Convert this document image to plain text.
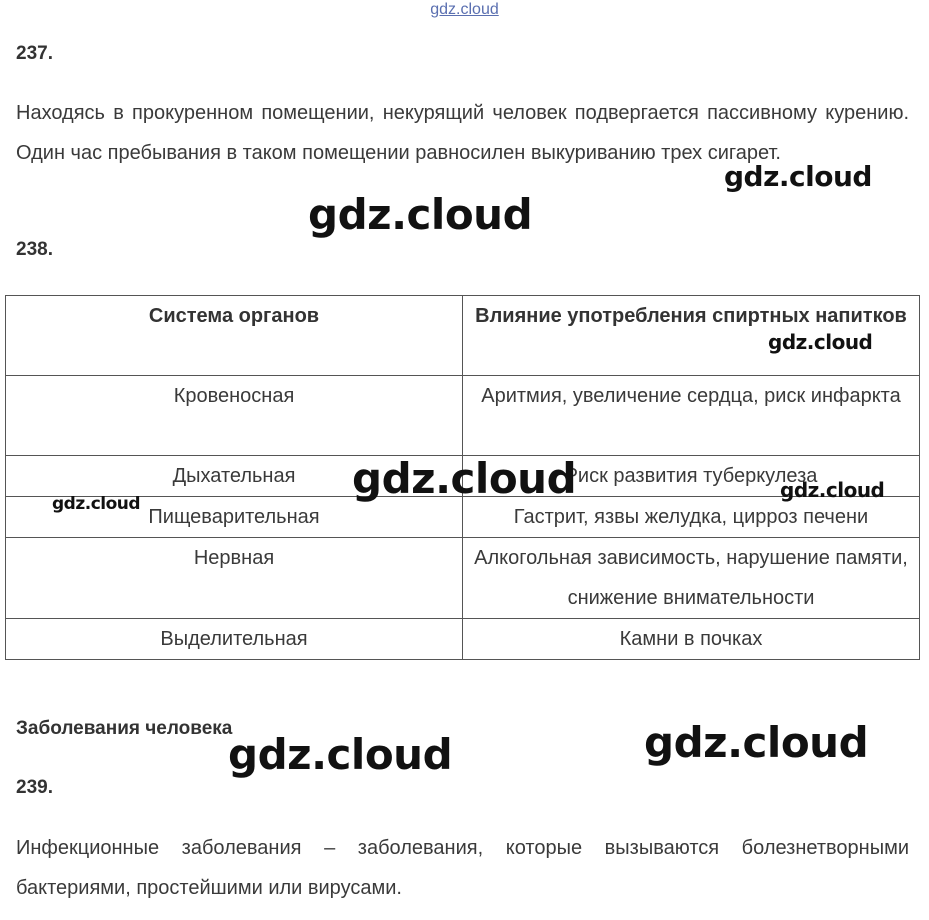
gdz.cloud
237.
Находясь в прокуренном помещении, некурящий человек подвергается пассивному курению. Один час пребывания в таком помещении равносилен выкуриванию трех сигарет.
238.
Система органов	Влияние употребления спиртных напитков
Кровеносная	Аритмия, увеличение сердца, риск инфаркта
Дыхательная	Риск развития туберкулеза
Пищеварительная	Гастрит, язвы желудка, цирроз печени
Нервная	Алкогольная зависимость, нарушение памяти, снижение внимательности
Выделительная	Камни в почках
Заболевания человека
239.
Инфекционные заболевания – заболевания, которые вызываются болезнетворными бактериями, простейшими или вирусами.
gdz.cloud
gdz.cloud
gdz.cloud
gdz.cloud	gdz.cloud
gdz.cloud
gdz.cloud	gdz.cloud
